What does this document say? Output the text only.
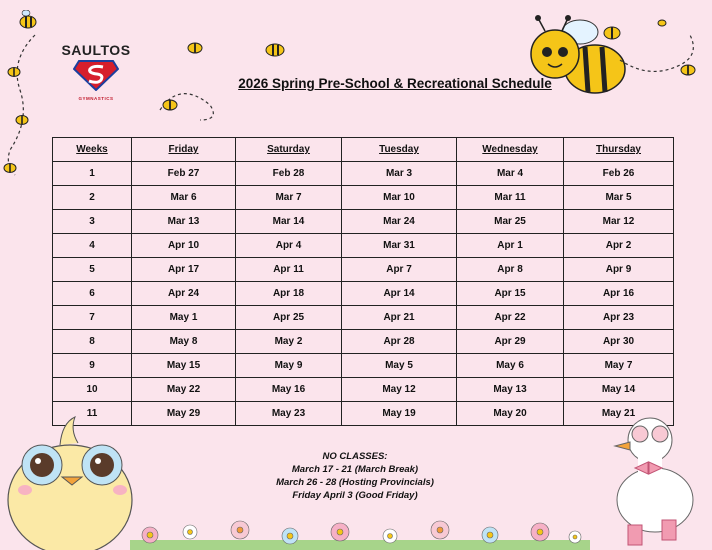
SAULTOS
GYMNASTICS
2026 Spring Pre-School & Recreational Schedule
Weeks	Friday	Saturday	Tuesday	Wednesday	Thursday
1	Feb 27	Feb 28	Mar 3	Mar 4	Feb 26
2	Mar 6	Mar 7	Mar 10	Mar 11	Mar 5
3	Mar 13	Mar 14	Mar 24	Mar 25	Mar 12
4	Apr 10	Apr 4	Mar 31	Apr 1	Apr 2
5	Apr 17	Apr 11	Apr 7	Apr 8	Apr 9
6	Apr 24	Apr 18	Apr 14	Apr 15	Apr 16
7	May 1	Apr 25	Apr 21	Apr 22	Apr 23
8	May 8	May 2	Apr 28	Apr 29	Apr 30
9	May 15	May 9	May 5	May 6	May 7
10	May 22	May 16	May 12	May 13	May 14
11	May 29	May 23	May 19	May 20	May 21
NO CLASSES:
March 17 - 21 (March Break)
March 26 - 28 (Hosting Provincials)
Friday April 3 (Good Friday)
